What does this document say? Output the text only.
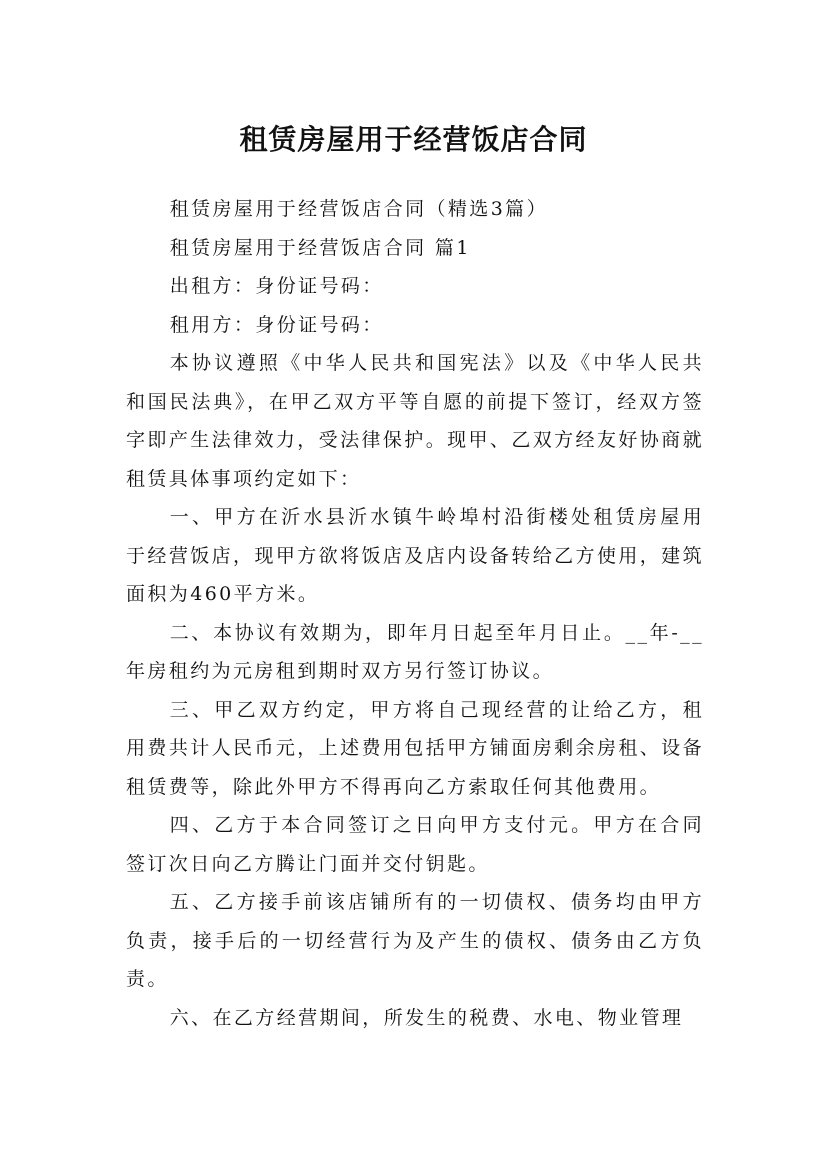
租赁房屋用于经营饭店合同

租赁房屋用于经营饭店合同（精选3篇）

租赁房屋用于经营饭店合同 篇1

出租方：身份证号码：

租用方：身份证号码：

本协议遵照《中华人民共和国宪法》以及《中华人民共和国民法典》，在甲乙双方平等自愿的前提下签订，经双方签字即产生法律效力，受法律保护。现甲、乙双方经友好协商就租赁具体事项约定如下：

一、甲方在沂水县沂水镇牛岭埠村沿街楼处租赁房屋用于经营饭店，现甲方欲将饭店及店内设备转给乙方使用，建筑面积为460平方米。

二、本协议有效期为，即年月日起至年月日止。__年-__年房租约为元房租到期时双方另行签订协议。

三、甲乙双方约定，甲方将自己现经营的让给乙方，租用费共计人民币元，上述费用包括甲方铺面房剩余房租、设备租赁费等，除此外甲方不得再向乙方索取任何其他费用。

四、乙方于本合同签订之日向甲方支付元。甲方在合同签订次日向乙方腾让门面并交付钥匙。

五、乙方接手前该店铺所有的一切债权、债务均由甲方负责，接手后的一切经营行为及产生的债权、债务由乙方负责。

六、在乙方经营期间，所发生的税费、水电、物业管理
